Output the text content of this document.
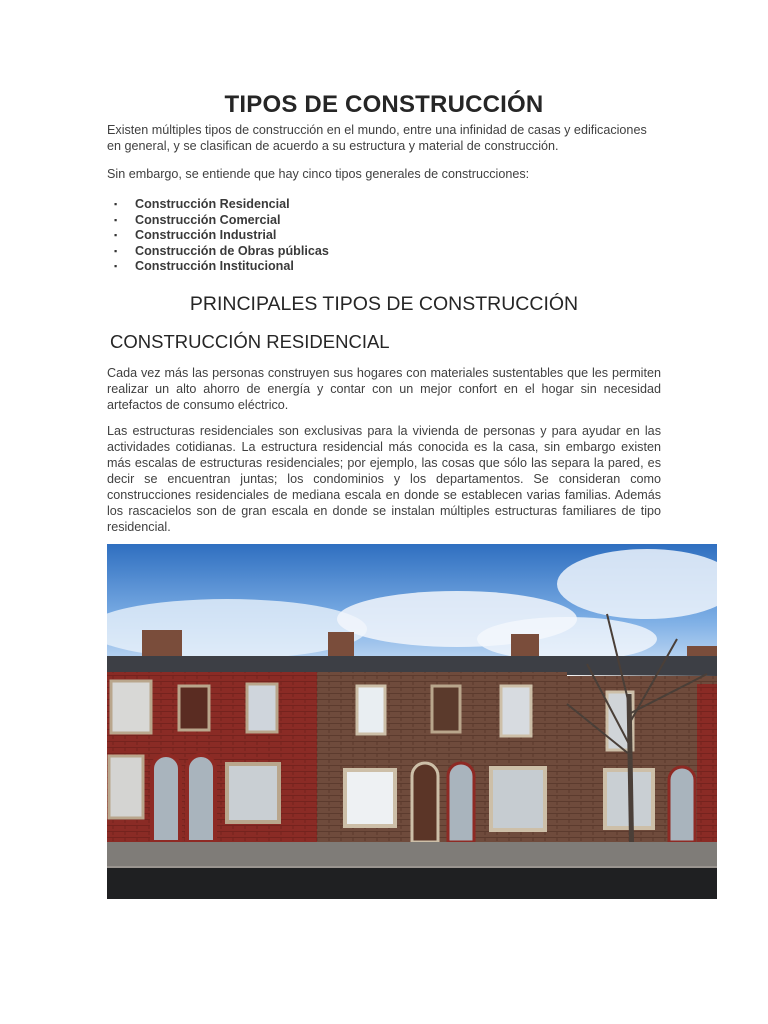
TIPOS DE CONSTRUCCIÓN

Existen múltiples tipos de construcción en el mundo, entre una infinidad de casas y edificaciones en general, y se clasifican de acuerdo a su estructura y material de construcción.

Sin embargo, se entiende que hay cinco tipos generales de construcciones:

▪ Construcción Residencial
▪ Construcción Comercial
▪ Construcción Industrial
▪ Construcción de Obras públicas
▪ Construcción Institucional
PRINCIPALES TIPOS DE CONSTRUCCIÓN
CONSTRUCCIÓN RESIDENCIAL

Cada vez más las personas construyen sus hogares con materiales sustentables que les permiten realizar un alto ahorro de energía y contar con un mejor confort en el hogar sin necesidad artefactos de consumo eléctrico.

Las estructuras residenciales son exclusivas para la vivienda de personas y para ayudar en las actividades cotidianas. La estructura residencial más conocida es la casa, sin embargo existen más escalas de estructuras residenciales; por ejemplo, las cosas que sólo las separa la pared, es decir se encuentran juntas; los condominios y los departamentos. Se consideran como construcciones residenciales de mediana escala en donde se establecen varias familias. Además los rascacielos son de gran escala en donde se instalan múltiples estructuras familiares de tipo residencial.
